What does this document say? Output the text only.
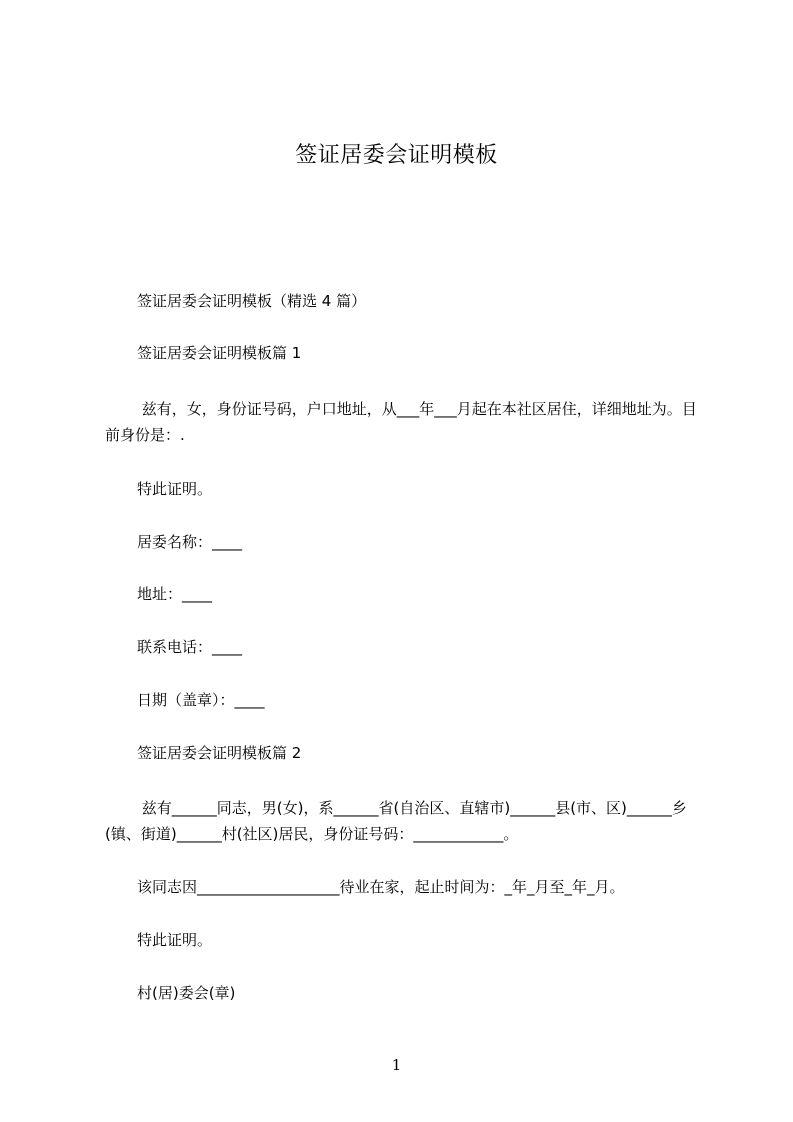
签证居委会证明模板
签证居委会证明模板（精选 4 篇）
签证居委会证明模板篇 1
兹有，女，身份证号码，户口地址，从___年___月起在本社区居住，详细地址为。目前身份是：.
特此证明。
居委名称：____
地址：____
联系电话：____
日期（盖章）：____
签证居委会证明模板篇 2
兹有______同志，男(女)，系______省(自治区、直辖市)______县(市、区)______乡(镇、街道)______村(社区)居民，身份证号码：____________。
该同志因___________________待业在家，起止时间为：_年_月至_年_月。
特此证明。
村(居)委会(章)
1
